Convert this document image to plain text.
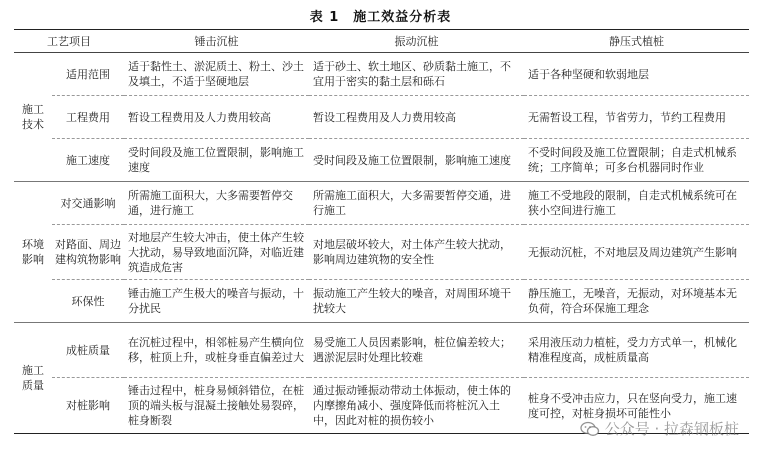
表 1　施工效益分析表
工艺项目		锤击沉桩	振动沉桩	静压式植桩
施工技术	适用范围	适于黏性土、淤泥质土、粉土、沙土及填土，不适于坚硬地层	适于砂土、软土地区、砂质黏土施工，不宜用于密实的黏土层和砾石	适于各种坚硬和软弱地层
	工程费用	暂设工程费用及人力费用较高	暂设工程费用及人力费用较高	无需暂设工程，节省劳力，节约工程费用
	施工速度	受时间段及施工位置限制，影响施工速度	受时间段及施工位置限制，影响施工速度	不受时间段及施工位置限制；自走式机械系统；工序简单；可多台机器同时作业
环境影响	对交通影响	所需施工面积大，大多需要暂停交通，进行施工	所需施工面积大，大多需要暂停交通，进行施工	施工不受地段的限制，自走式机械系统可在狭小空间进行施工
	对路面、周边建构筑物影响	对地层产生较大冲击，使土体产生较大扰动，易导致地面沉降，对临近建筑造成危害	对地层破坏较大，对土体产生较大扰动，影响周边建筑物的安全性	无振动沉桩，不对地层及周边建筑产生影响
	环保性	锤击施工产生极大的噪音与振动，十分扰民	振动施工产生较大的噪音，对周围环境干扰较大	静压施工，无噪音，无振动，对环境基本无负荷，符合环保施工理念
施工质量	成桩质量	在沉桩过程中，相邻桩易产生横向位移，桩顶上升，或桩身垂直偏差过大	易受施工人员因素影响，桩位偏差较大；遇淤泥层时处理比较难	采用液压动力植桩，受力方式单一，机械化精准程度高，成桩质量高
	对桩影响	锤击过程中，桩身易倾斜错位，在桩顶的端头板与混凝土接触处易裂碎，桩身断裂	通过振动锤振动带动土体振动，使土体的内摩擦角减小、强度降低而将桩沉入土中，因此对桩的损伤较小	桩身不受冲击应力，只在竖向受力，施工速度可控，对桩身损坏可能性小
公众号 · 拉森钢板桩
